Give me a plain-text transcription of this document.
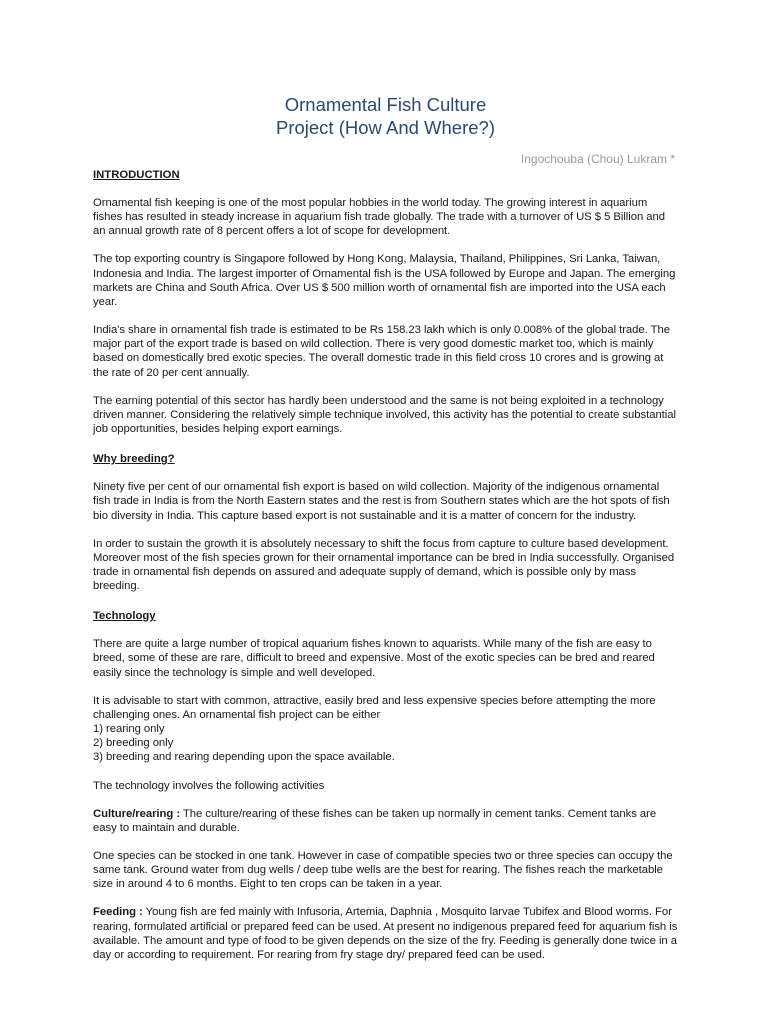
Ornamental Fish Culture
Project (How And Where?)
Ingochouba (Chou) Lukram *
INTRODUCTION

Ornamental fish keeping is one of the most popular hobbies in the world today. The growing interest in aquarium fishes has resulted in steady increase in aquarium fish trade globally. The trade with a turnover of US $ 5 Billion and an annual growth rate of 8 percent offers a lot of scope for development.

The top exporting country is Singapore followed by Hong Kong, Malaysia, Thailand, Philippines, Sri Lanka, Taiwan, Indonesia and India. The largest importer of Ornamental fish is the USA followed by Europe and Japan. The emerging markets are China and South Africa. Over US $ 500 million worth of ornamental fish are imported into the USA each year.

India's share in ornamental fish trade is estimated to be Rs 158.23 lakh which is only 0.008% of the global trade. The major part of the export trade is based on wild collection. There is very good domestic market too, which is mainly based on domestically bred exotic species. The overall domestic trade in this field cross 10 crores and is growing at the rate of 20 per cent annually.

The earning potential of this sector has hardly been understood and the same is not being exploited in a technology driven manner. Considering the relatively simple technique involved, this activity has the potential to create substantial job opportunities, besides helping export earnings.

Why breeding?

Ninety five per cent of our ornamental fish export is based on wild collection. Majority of the indigenous ornamental fish trade in India is from the North Eastern states and the rest is from Southern states which are the hot spots of fish bio diversity in India. This capture based export is not sustainable and it is a matter of concern for the industry.

In order to sustain the growth it is absolutely necessary to shift the focus from capture to culture based development. Moreover most of the fish species grown for their ornamental importance can be bred in India successfully. Organised trade in ornamental fish depends on assured and adequate supply of demand, which is possible only by mass breeding.

Technology

There are quite a large number of tropical aquarium fishes known to aquarists. While many of the fish are easy to breed, some of these are rare, difficult to breed and expensive. Most of the exotic species can be bred and reared easily since the technology is simple and well developed.

It is advisable to start with common, attractive, easily bred and less expensive species before attempting the more challenging ones. An ornamental fish project can be either
1) rearing only
2) breeding only
3) breeding and rearing depending upon the space available.

The technology involves the following activities

Culture/rearing : The culture/rearing of these fishes can be taken up normally in cement tanks. Cement tanks are easy to maintain and durable.

One species can be stocked in one tank. However in case of compatible species two or three species can occupy the same tank. Ground water from dug wells / deep tube wells are the best for rearing. The fishes reach the marketable size in around 4 to 6 months. Eight to ten crops can be taken in a year.

Feeding : Young fish are fed mainly with Infusoria, Artemia, Daphnia , Mosquito larvae Tubifex and Blood worms. For rearing, formulated artificial or prepared feed can be used. At present no indigenous prepared feed for aquarium fish is available. The amount and type of food to be given depends on the size of the fry. Feeding is generally done twice in a day or according to requirement. For rearing from fry stage dry/ prepared feed can be used.
